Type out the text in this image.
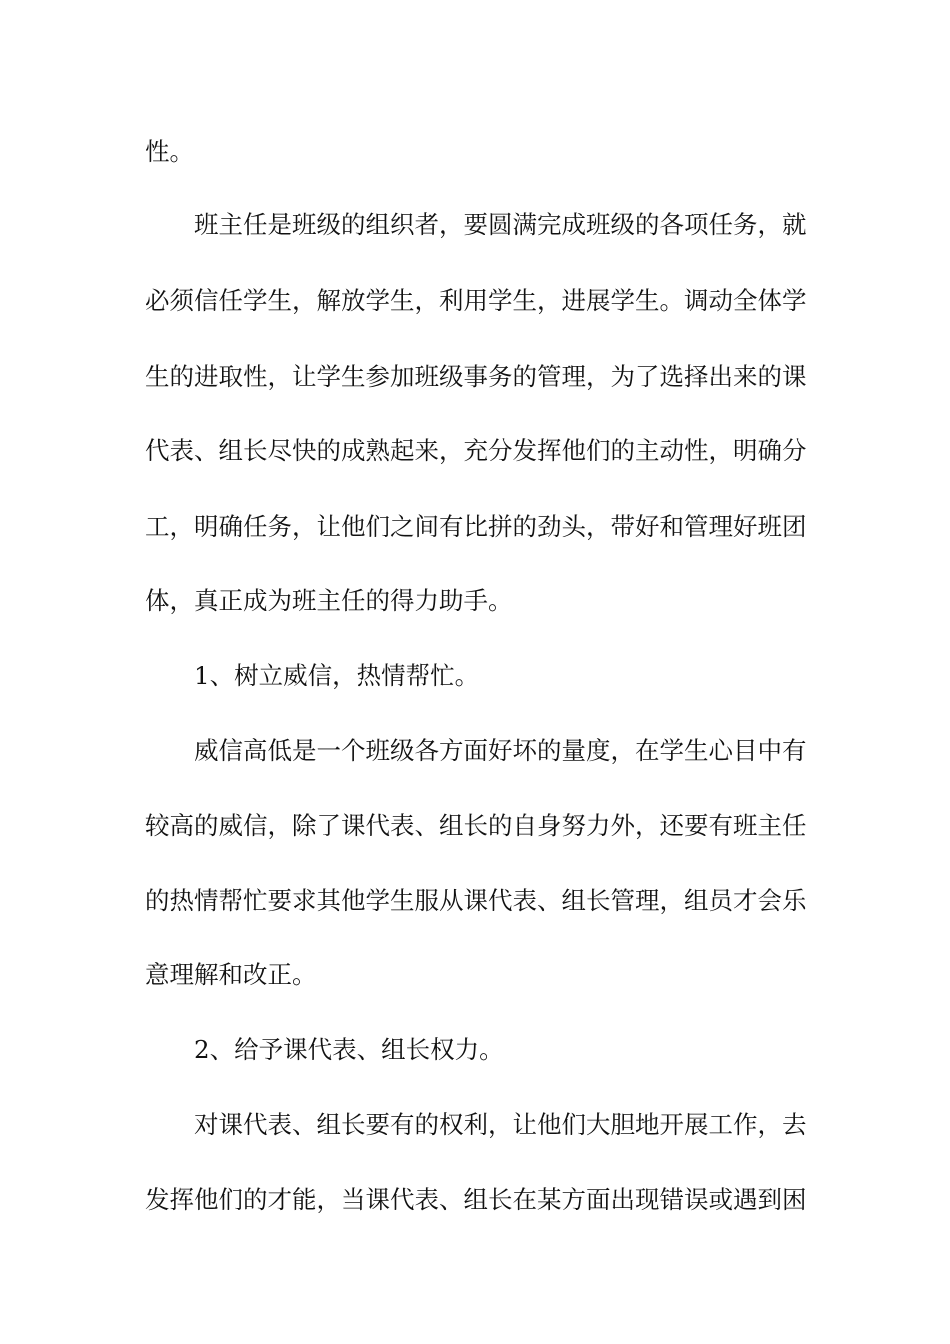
性。
班主任是班级的组织者，要圆满完成班级的各项任务，就
必须信任学生，解放学生，利用学生，进展学生。调动全体学
生的进取性，让学生参加班级事务的管理，为了选择出来的课
代表、组长尽快的成熟起来，充分发挥他们的主动性，明确分
工，明确任务，让他们之间有比拼的劲头，带好和管理好班团
体，真正成为班主任的得力助手。
1、树立威信，热情帮忙。
威信高低是一个班级各方面好坏的量度，在学生心目中有
较高的威信，除了课代表、组长的自身努力外，还要有班主任
的热情帮忙要求其他学生服从课代表、组长管理，组员才会乐
意理解和改正。
2、给予课代表、组长权力。
对课代表、组长要有的权利，让他们大胆地开展工作，去
发挥他们的才能，当课代表、组长在某方面出现错误或遇到困
